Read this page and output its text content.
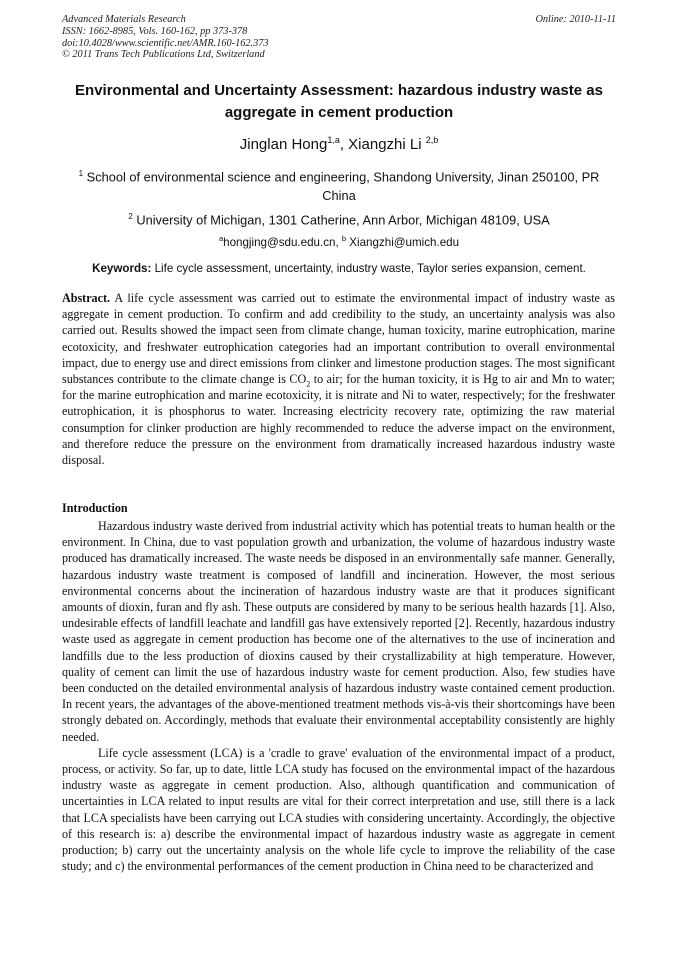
Advanced Materials Research
ISSN: 1662-8985, Vols. 160-162, pp 373-378
doi:10.4028/www.scientific.net/AMR.160-162.373
© 2011 Trans Tech Publications Ltd, Switzerland
Online: 2010-11-11
Environmental and Uncertainty Assessment: hazardous industry waste as aggregate in cement production
Jinglan Hong$^{1,a}$, Xiangzhi Li $^{2,b}$
$^1$ School of environmental science and engineering, Shandong University, Jinan 250100, PR China
$^2$ University of Michigan, 1301 Catherine, Ann Arbor, Michigan 48109, USA
$^a$hongjing@sdu.edu.cn, $^b$ Xiangzhi@umich.edu
Keywords: Life cycle assessment, uncertainty, industry waste, Taylor series expansion, cement.
Abstract. A life cycle assessment was carried out to estimate the environmental impact of industry waste as aggregate in cement production. To confirm and add credibility to the study, an uncertainty analysis was also carried out. Results showed the impact seen from climate change, human toxicity, marine eutrophication, marine ecotoxicity, and freshwater eutrophication categories had an important contribution to overall environmental impact, due to energy use and direct emissions from clinker and limestone production stages. The most significant substances contribute to the climate change is $CO_2$ to air; for the human toxicity, it is Hg to air and Mn to water; for the marine eutrophication and marine ecotoxicity, it is nitrate and Ni to water, respectively; for the freshwater eutrophication, it is phosphorus to water. Increasing electricity recovery rate, optimizing the raw material consumption for clinker production are highly recommended to reduce the adverse impact on the environment, and therefore reduce the pressure on the environment from dramatically increased hazardous industry waste disposal.
Introduction

Hazardous industry waste derived from industrial activity which has potential treats to human health or the environment. In China, due to vast population growth and urbanization, the volume of hazardous industry waste produced has dramatically increased. The waste needs be disposed in an environmentally safe manner. Generally, hazardous industry waste treatment is composed of landfill and incineration. However, the most serious environmental concerns about the incineration of hazardous industry waste are that it produces significant amounts of dioxin, furan and fly ash. These outputs are considered by many to be serious health hazards [1]. Also, undesirable effects of landfill leachate and landfill gas have extensively reported [2]. Recently, hazardous industry waste used as aggregate in cement production has become one of the alternatives to the use of incineration and landfills due to the less production of dioxins caused by their crystallizability at high temperature. However, quality of cement can limit the use of hazardous industry waste for cement production. Also, few studies have been conducted on the detailed environmental analysis of hazardous industry waste contained cement production. In recent years, the advantages of the above-mentioned treatment methods vis-à-vis their shortcomings have been strongly debated on. Accordingly, methods that evaluate their environmental acceptability consistently are highly needed.

Life cycle assessment (LCA) is a 'cradle to grave' evaluation of the environmental impact of a product, process, or activity. So far, up to date, little LCA study has focused on the environmental impact of the hazardous industry waste as aggregate in cement production. Also, although quantification and communication of uncertainties in LCA related to input results are vital for their correct interpretation and use, still there is a lack that LCA specialists have been carrying out LCA studies with considering uncertainty. Accordingly, the objective of this research is: a) describe the environmental impact of hazardous industry waste as aggregate in cement production; b) carry out the uncertainty analysis on the whole life cycle to improve the reliability of the case study; and c) the environmental performances of the cement production in China need to be characterized and
